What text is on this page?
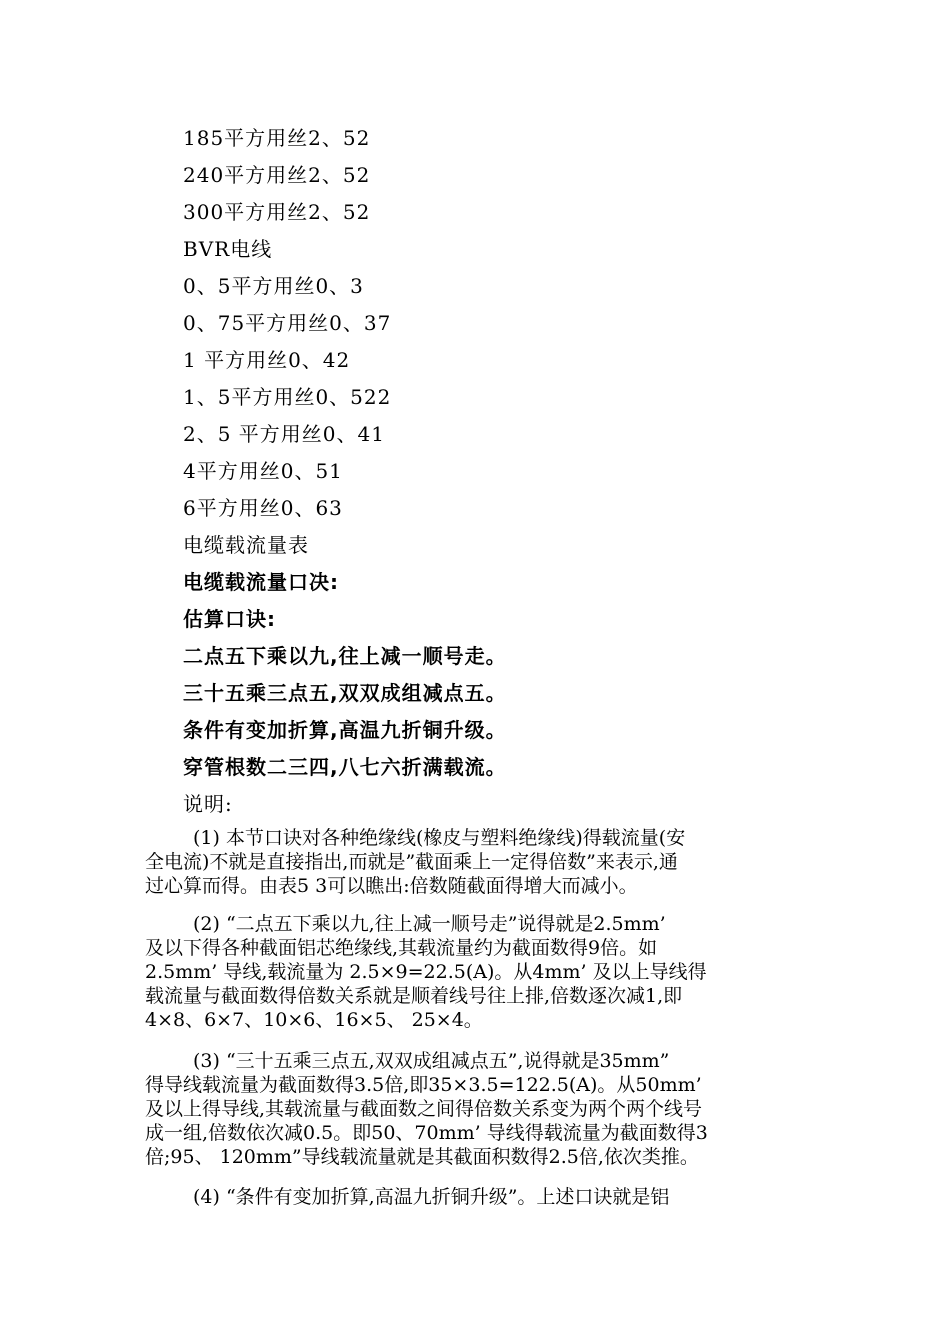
185平方用丝2、52
240平方用丝2、52
300平方用丝2、52
BVR电线
0、5平方用丝0、3
0、75平方用丝0、37
1 平方用丝0、42
1、5平方用丝0、522
2、5 平方用丝0、41
4平方用丝0、51
6平方用丝0、63
电缆载流量表
电缆载流量口决:
估算口诀:
二点五下乘以九,往上减一顺号走。
三十五乘三点五,双双成组减点五。
条件有变加折算,高温九折铜升级。
穿管根数二三四,八七六折满载流。
说明:
(1) 本节口诀对各种绝缘线(橡皮与塑料绝缘线)得载流量(安
全电流)不就是直接指出,而就是”截面乘上一定得倍数”来表示,通
过心算而得。由表5 3可以瞧出:倍数随截面得增大而减小。
(2) “二点五下乘以九,往上减一顺号走”说得就是2.5mm’
及以下得各种截面铝芯绝缘线,其载流量约为截面数得9倍。如
2.5mm’ 导线,载流量为 2.5×9=22.5(A)。从4mm’ 及以上导线得
载流量与截面数得倍数关系就是顺着线号往上排,倍数逐次减1,即
4×8、6×7、10×6、16×5、 25×4。
(3) “三十五乘三点五,双双成组减点五”,说得就是35mm”
得导线载流量为截面数得3.5倍,即35×3.5=122.5(A)。从50mm’
及以上得导线,其载流量与截面数之间得倍数关系变为两个两个线号
成一组,倍数依次减0.5。即50、70mm’ 导线得载流量为截面数得3
倍;95、 120mm”导线载流量就是其截面积数得2.5倍,依次类推。
(4) “条件有变加折算,高温九折铜升级”。上述口诀就是铝
